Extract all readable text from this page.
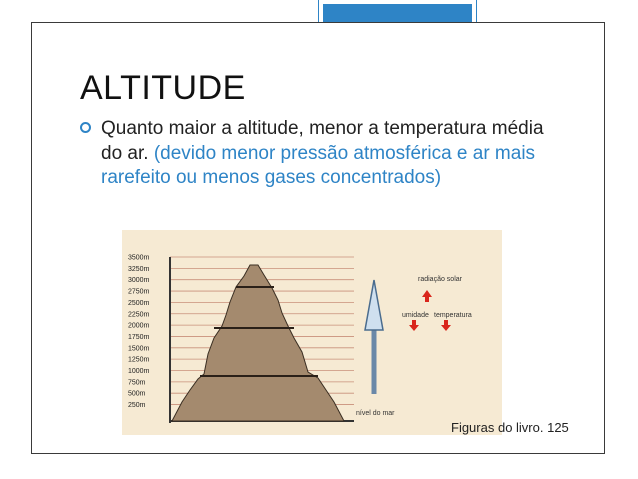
ALTITUDE
Quanto maior a altitude, menor a temperatura média do ar. (devido menor pressão atmosférica e ar mais rarefeito ou menos gases concentrados)
3500m
3250m
3000m
2750m
2500m
2250m
2000m
1750m
1500m
1250m
1000m
750m
500m
250m
nível do mar
radiação solar
umidade temperatura
Figuras do livro. 125
